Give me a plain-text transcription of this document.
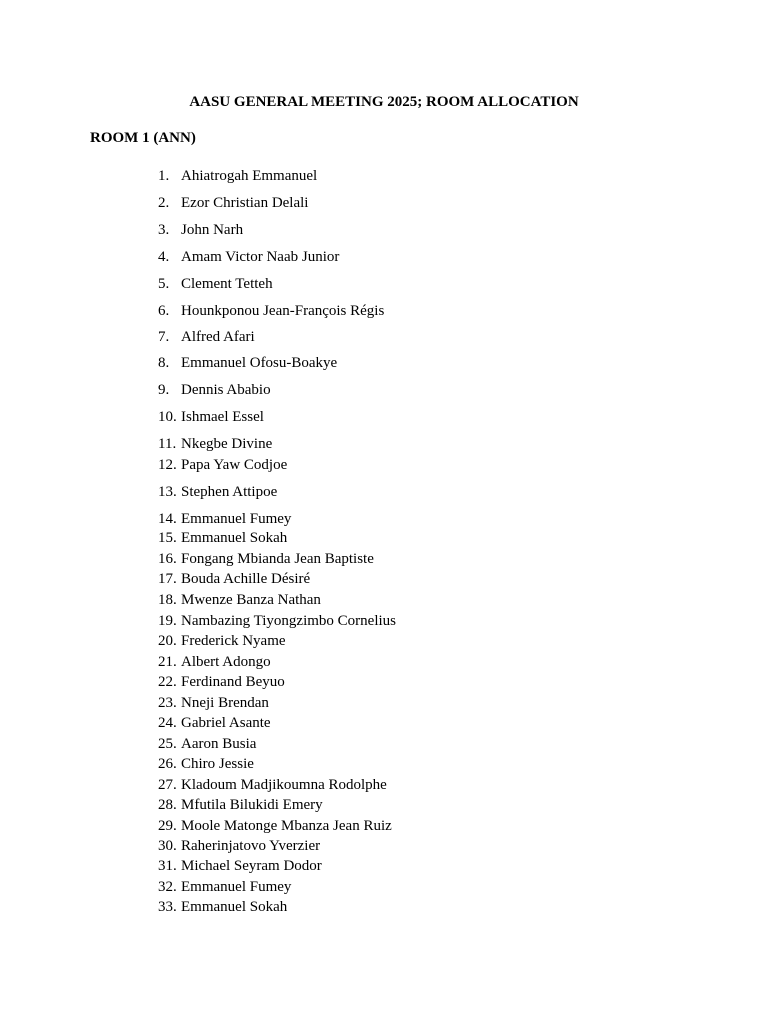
AASU GENERAL MEETING 2025; ROOM ALLOCATION
ROOM 1 (ANN)
1. Ahiatrogah Emmanuel
2. Ezor Christian Delali
3. John Narh
4. Amam Victor Naab Junior
5. Clement Tetteh
6. Hounkponou Jean-François Régis
7. Alfred Afari
8. Emmanuel Ofosu-Boakye
9. Dennis Ababio
10. Ishmael Essel
11. Nkegbe Divine
12. Papa Yaw Codjoe
13. Stephen Attipoe
14. Emmanuel Fumey
15. Emmanuel Sokah
16. Fongang Mbianda Jean Baptiste
17. Bouda Achille Désiré
18. Mwenze Banza Nathan
19. Nambazing Tiyongzimbo Cornelius
20. Frederick Nyame
21. Albert Adongo
22. Ferdinand Beyuo
23. Nneji Brendan
24. Gabriel Asante
25. Aaron Busia
26. Chiro Jessie
27. Kladoum Madjikoumna Rodolphe
28. Mfutila Bilukidi Emery
29. Moole Matonge Mbanza Jean Ruiz
30. Raherinjatovo Yverzier
31. Michael Seyram Dodor
32. Emmanuel Fumey
33. Emmanuel Sokah
